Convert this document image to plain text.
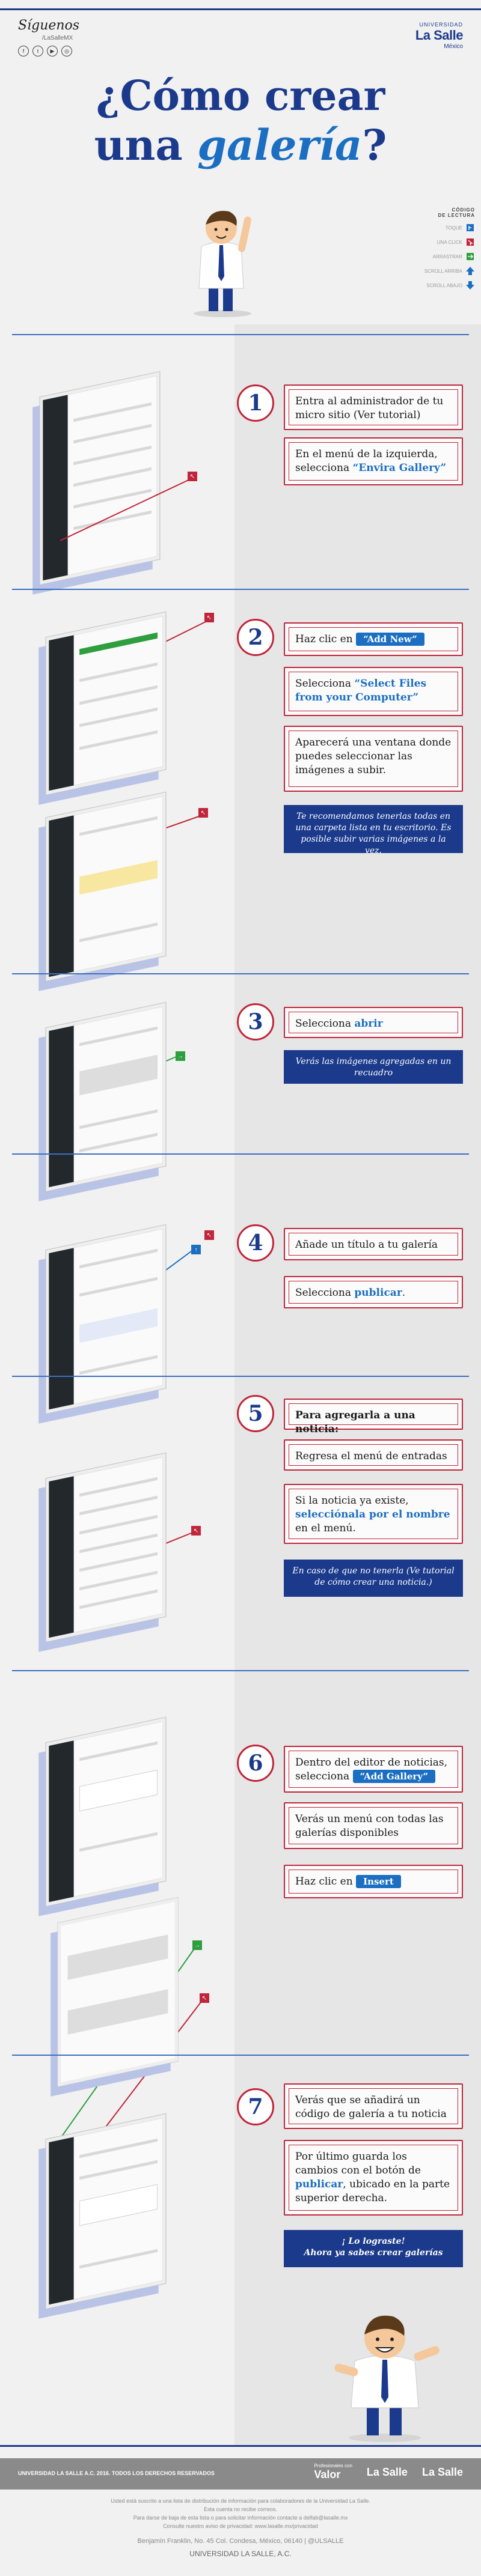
Síguenos
/LaSalleMX
f	t	▶	◎
UNIVERSIDAD
La Salle
México
¿Cómo crear
una galería?
CÓDIGO
DE LECTURA
TOQUE
UNA CLICK
ARRASTRAR
SCROLL ARRIBA
SCROLL ABAJO
↖
1	Entra al administrador de tu micro sitio (Ver tutorial)
En el menú de la izquierda, selecciona “Envira Gallery”
↖
↖
2	Haz clic en “Add New”
Selecciona “Select Files from your Computer”
Aparecerá una ventana donde puedes seleccionar las imágenes a subir.
Te recomendamos tenerlas todas en una carpeta lista en tu escritorio. Es posible subir varias imágenes a la vez.
→
3	Selecciona abrir
Verás las imágenes agregadas en un recuadro
↑
↖	4	Añade un título a tu galería
Selecciona publicar.
↖
5	Para agregarla a una noticia:
Regresa el menú de entradas
Si la noticia ya existe, selecciónala por el nombre en el menú.
En caso de que no tenerla (Ve tutorial de cómo crear una noticia.)
→
↖
6	Dentro del editor de noticias, selecciona “Add Gallery”
Verás un menú con todas las galerías disponibles
Haz clic en Insert
7	Verás que se añadirá un código de galería a tu noticia
Por último guarda los cambios con el botón de publicar, ubicado en la parte superior derecha.
¡ Lo lograste!
Ahora ya sabes crear galerías
UNIVERSIDAD LA SALLE A.C. 2016. TODOS LOS DERECHOS RESERVADOS
Profesionales con
Valor	La Salle La Salle
Usted está suscrito a una lista de distribución de información para colaboradores de la Universidad La Salle.
Esta cuenta no recibe correos.
Para darse de baja de esta lista o para solicitar información contacte a delfab@lasalle.mx
Consulte nuestro aviso de privacidad: www.lasalle.mx/privacidad
Benjamín Franklin, No. 45 Col. Condesa, México, 06140 | @ULSALLE
UNIVERSIDAD LA SALLE, A.C.
